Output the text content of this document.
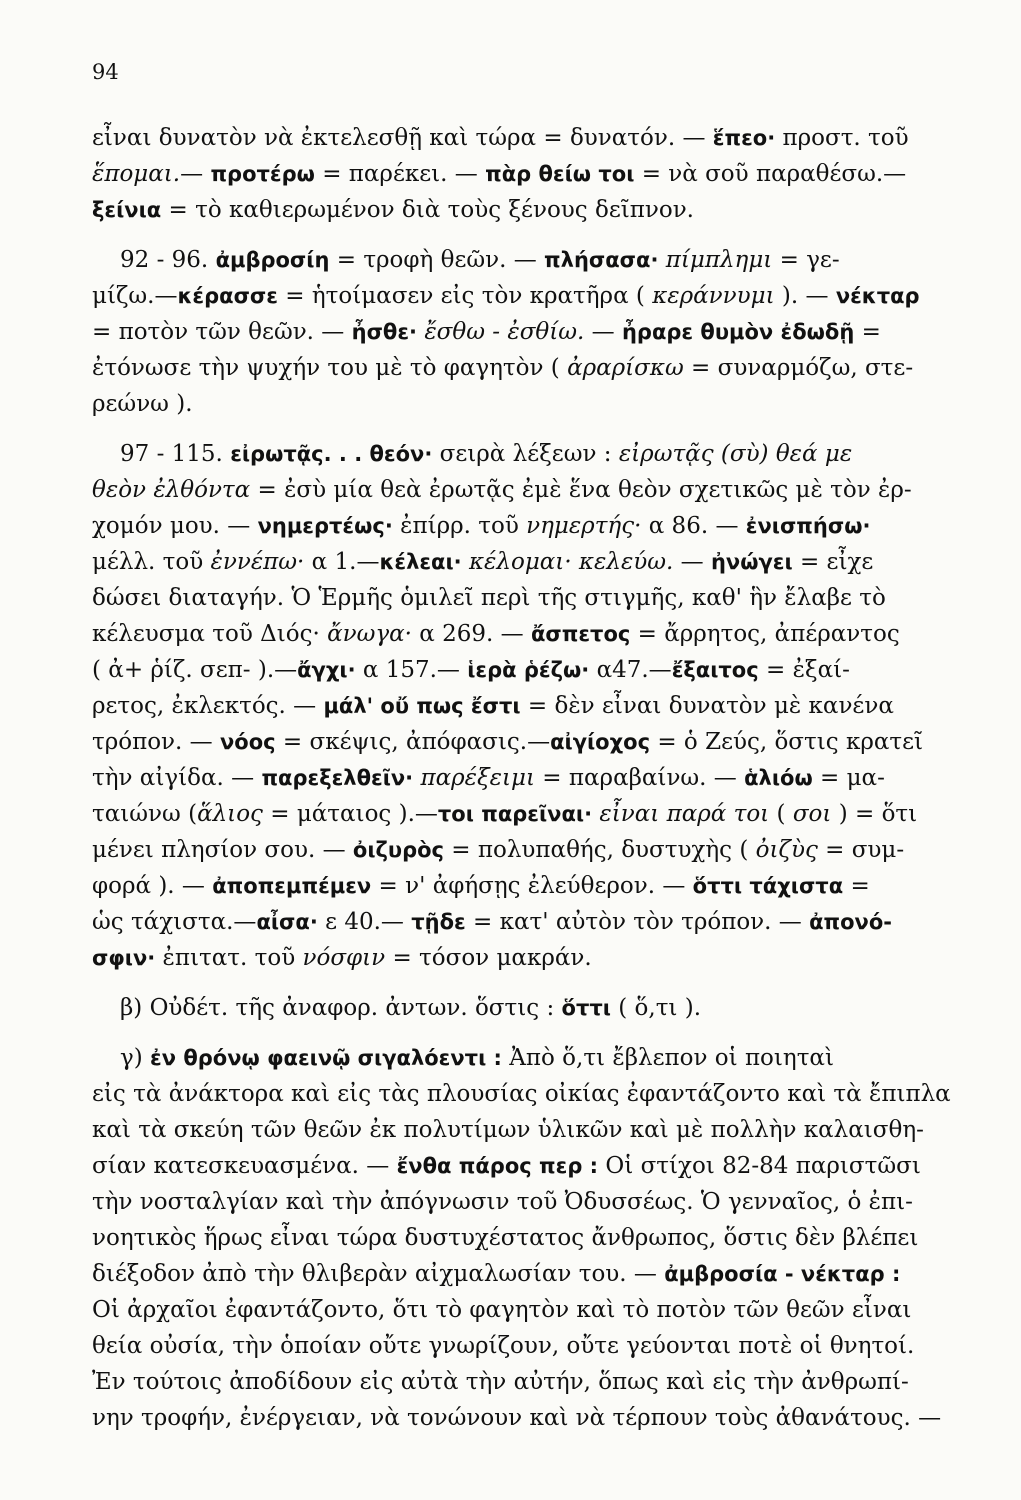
94
εἶναι δυνατὸν νὰ ἐκτελεσθῇ καὶ τώρα = δυνατόν. — ἕπεο· προστ. τοῦ
ἕπομαι.— προτέρω = παρέκει. — πὰρ θείω τοι = νὰ σοῦ παραθέσω.—
ξείνια = τὸ καθιερωμένον διὰ τοὺς ξένους δεῖπνον.
92 - 96. ἀμβροσίη = τροφὴ θεῶν. — πλήσασα· πίμπλημι = γε-
μίζω.—κέρασσε = ἡτοίμασεν εἰς τὸν κρατῆρα ( κεράννυμι ). — νέκταρ
= ποτὸν τῶν θεῶν. — ἦσθε· ἔσθω - ἐσθίω. — ἦραρε θυμὸν ἐδωδῇ =
ἐτόνωσε τὴν ψυχήν του μὲ τὸ φαγητὸν ( ἀραρίσκω = συναρμόζω, στε-
ρεώνω ).
97 - 115. εἰρωτᾷς. . . θεόν· σειρὰ λέξεων : εἰρωτᾷς (σὺ) θεά με
θεὸν ἐλθόντα = ἐσὺ μία θεὰ ἐρωτᾷς ἐμὲ ἕνα θεὸν σχετικῶς μὲ τὸν ἐρ-
χομόν μου. — νημερτέως· ἐπίρρ. τοῦ νημερτής· α 86. — ἐνισπήσω·
μέλλ. τοῦ ἐννέπω· α 1.—κέλεαι· κέλομαι· κελεύω. — ἠνώγει = εἶχε
δώσει διαταγήν. Ὁ Ἑρμῆς ὁμιλεῖ περὶ τῆς στιγμῆς, καθ' ἣν ἔλαβε τὸ
κέλευσμα τοῦ Διός· ἄνωγα· α 269. — ἄσπετος = ἄρρητος, ἀπέραντος
( ἀ+ ῥίζ. σεπ- ).—ἄγχι· α 157.— ἱερὰ ῥέζω· α47.—ἔξαιτος = ἐξαί-
ρετος, ἐκλεκτός. — μάλ' οὔ πως ἔστι = δὲν εἶναι δυνατὸν μὲ κανένα
τρόπον. — νόος = σκέψις, ἀπόφασις.—αἰγίοχος = ὁ Ζεύς, ὅστις κρατεῖ
τὴν αἰγίδα. — παρεξελθεῖν· παρέξειμι = παραβαίνω. — ἁλιόω = μα-
ταιώνω (ἅλιος = μάταιος ).—τοι παρεῖναι· εἶναι παρά τοι ( σοι ) = ὅτι
μένει πλησίον σου. — ὀιζυρὸς = πολυπαθής, δυστυχὴς ( ὀιζὺς = συμ-
φορά ). — ἀποπεμπέμεν = ν' ἀφήσῃς ἐλεύθερον. — ὅττι τάχιστα =
ὡς τάχιστα.—αἶσα· ε 40.— τῇδε = κατ' αὐτὸν τὸν τρόπον. — ἀπονό-
σφιν· ἐπιτατ. τοῦ νόσφιν = τόσον μακράν.
β) Οὐδέτ. τῆς ἀναφορ. ἀντων. ὅστις : ὅττι ( ὅ,τι ).
γ) ἐν θρόνῳ φαεινῷ σιγαλόεντι : Ἀπὸ ὅ,τι ἔβλεπον οἱ ποιηταὶ
εἰς τὰ ἀνάκτορα καὶ εἰς τὰς πλουσίας οἰκίας ἐφαντάζοντο καὶ τὰ ἔπιπλα
καὶ τὰ σκεύη τῶν θεῶν ἐκ πολυτίμων ὑλικῶν καὶ μὲ πολλὴν καλαισθη-
σίαν κατεσκευασμένα. — ἔνθα πάρος περ : Οἱ στίχοι 82-84 παριστῶσι
τὴν νοσταλγίαν καὶ τὴν ἀπόγνωσιν τοῦ Ὀδυσσέως. Ὁ γενναῖος, ὁ ἐπι-
νοητικὸς ἥρως εἶναι τώρα δυστυχέστατος ἄνθρωπος, ὅστις δὲν βλέπει
διέξοδον ἀπὸ τὴν θλιβερὰν αἰχμαλωσίαν του. — ἀμβροσία - νέκταρ :
Οἱ ἀρχαῖοι ἐφαντάζοντο, ὅτι τὸ φαγητὸν καὶ τὸ ποτὸν τῶν θεῶν εἶναι
θεία οὐσία, τὴν ὁποίαν οὔτε γνωρίζουν, οὔτε γεύονται ποτὲ οἱ θνητοί.
Ἐν τούτοις ἀποδίδουν εἰς αὐτὰ τὴν αὐτήν, ὅπως καὶ εἰς τὴν ἀνθρωπί-
νην τροφήν, ἐνέργειαν, νὰ τονώνουν καὶ νὰ τέρπουν τοὺς ἀθανάτους. —
